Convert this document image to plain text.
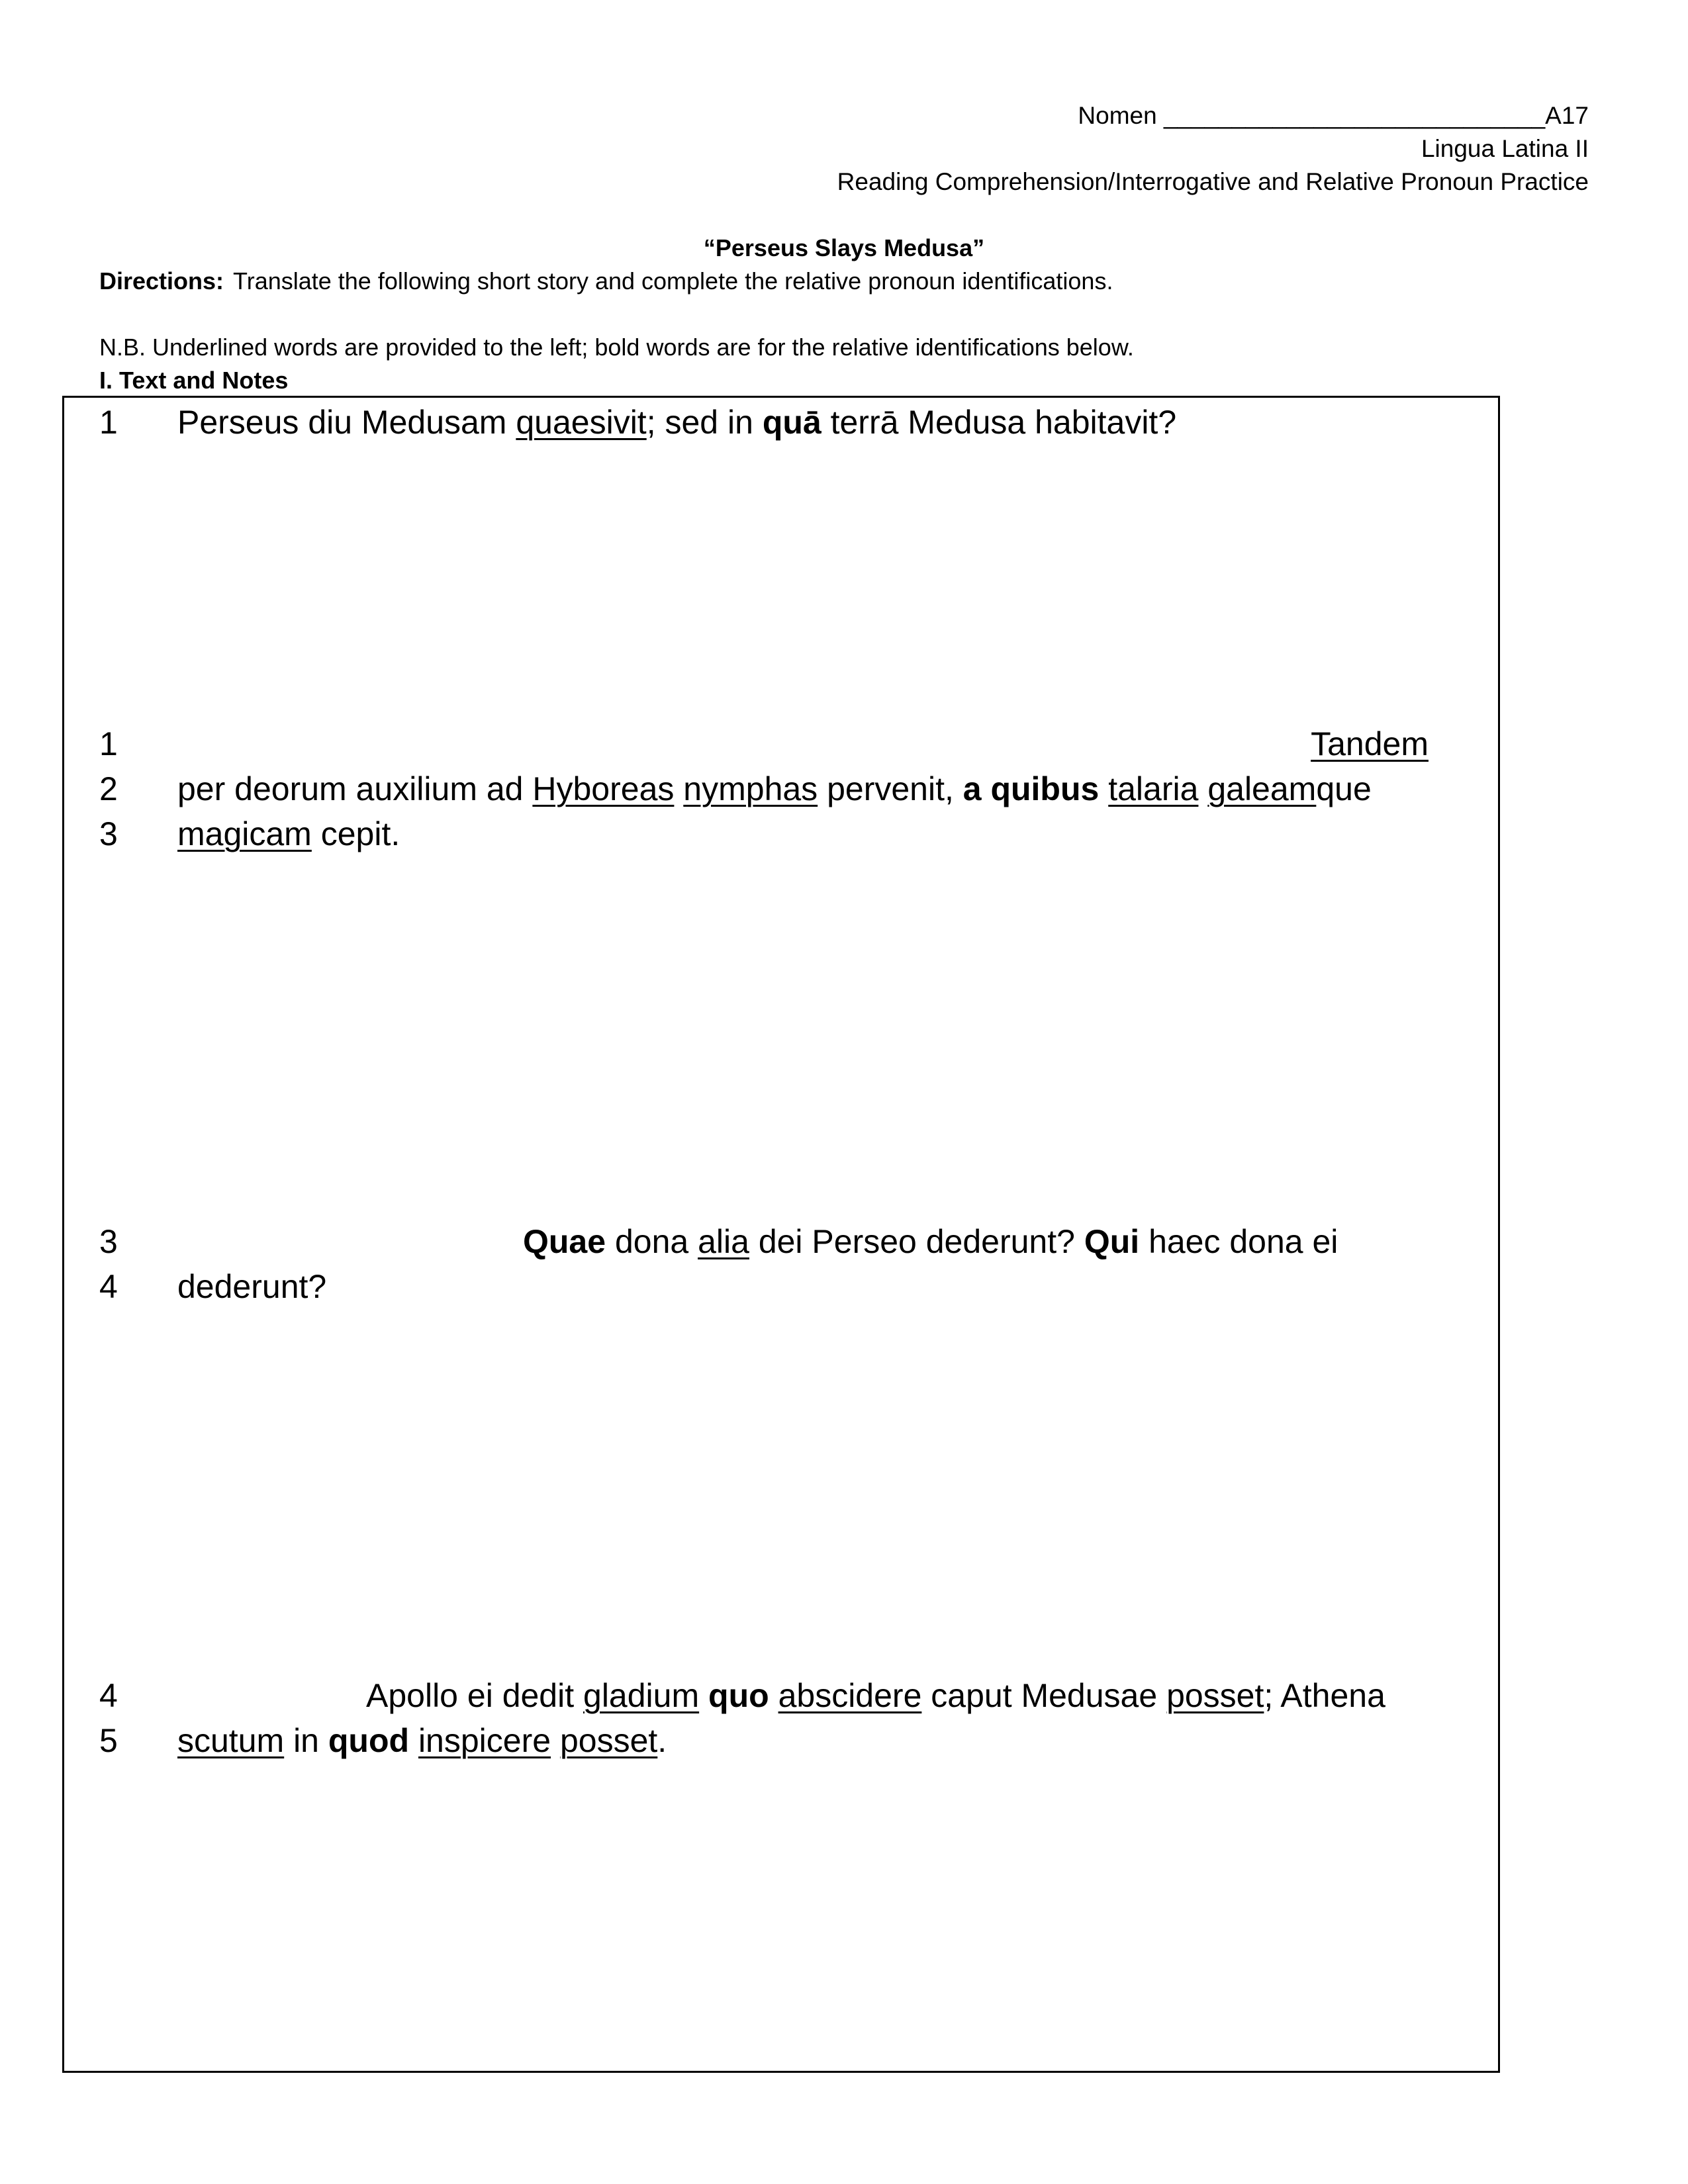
Nomen ____________________________A17
Lingua Latina II
Reading Comprehension/Interrogative and Relative Pronoun Practice
“Perseus Slays Medusa”
Directions: Translate the following short story and complete the relative pronoun identifications.
N.B. Underlined words are provided to the left; bold words are for the relative identifications below.
I. Text and Notes
1
1
2
3
3
4
4
5
Perseus diu Medusam quaesivit; sed in quā terrā Medusa habitavit?
Tandem
per deorum auxilium ad Hyboreas nymphas pervenit, a quibus talaria galeamque
magicam cepit.
Quae dona alia dei Perseo dederunt? Qui haec dona ei
dederunt?
Apollo ei dedit gladium quo abscidere caput Medusae posset; Athena
scutum in quod inspicere posset.
